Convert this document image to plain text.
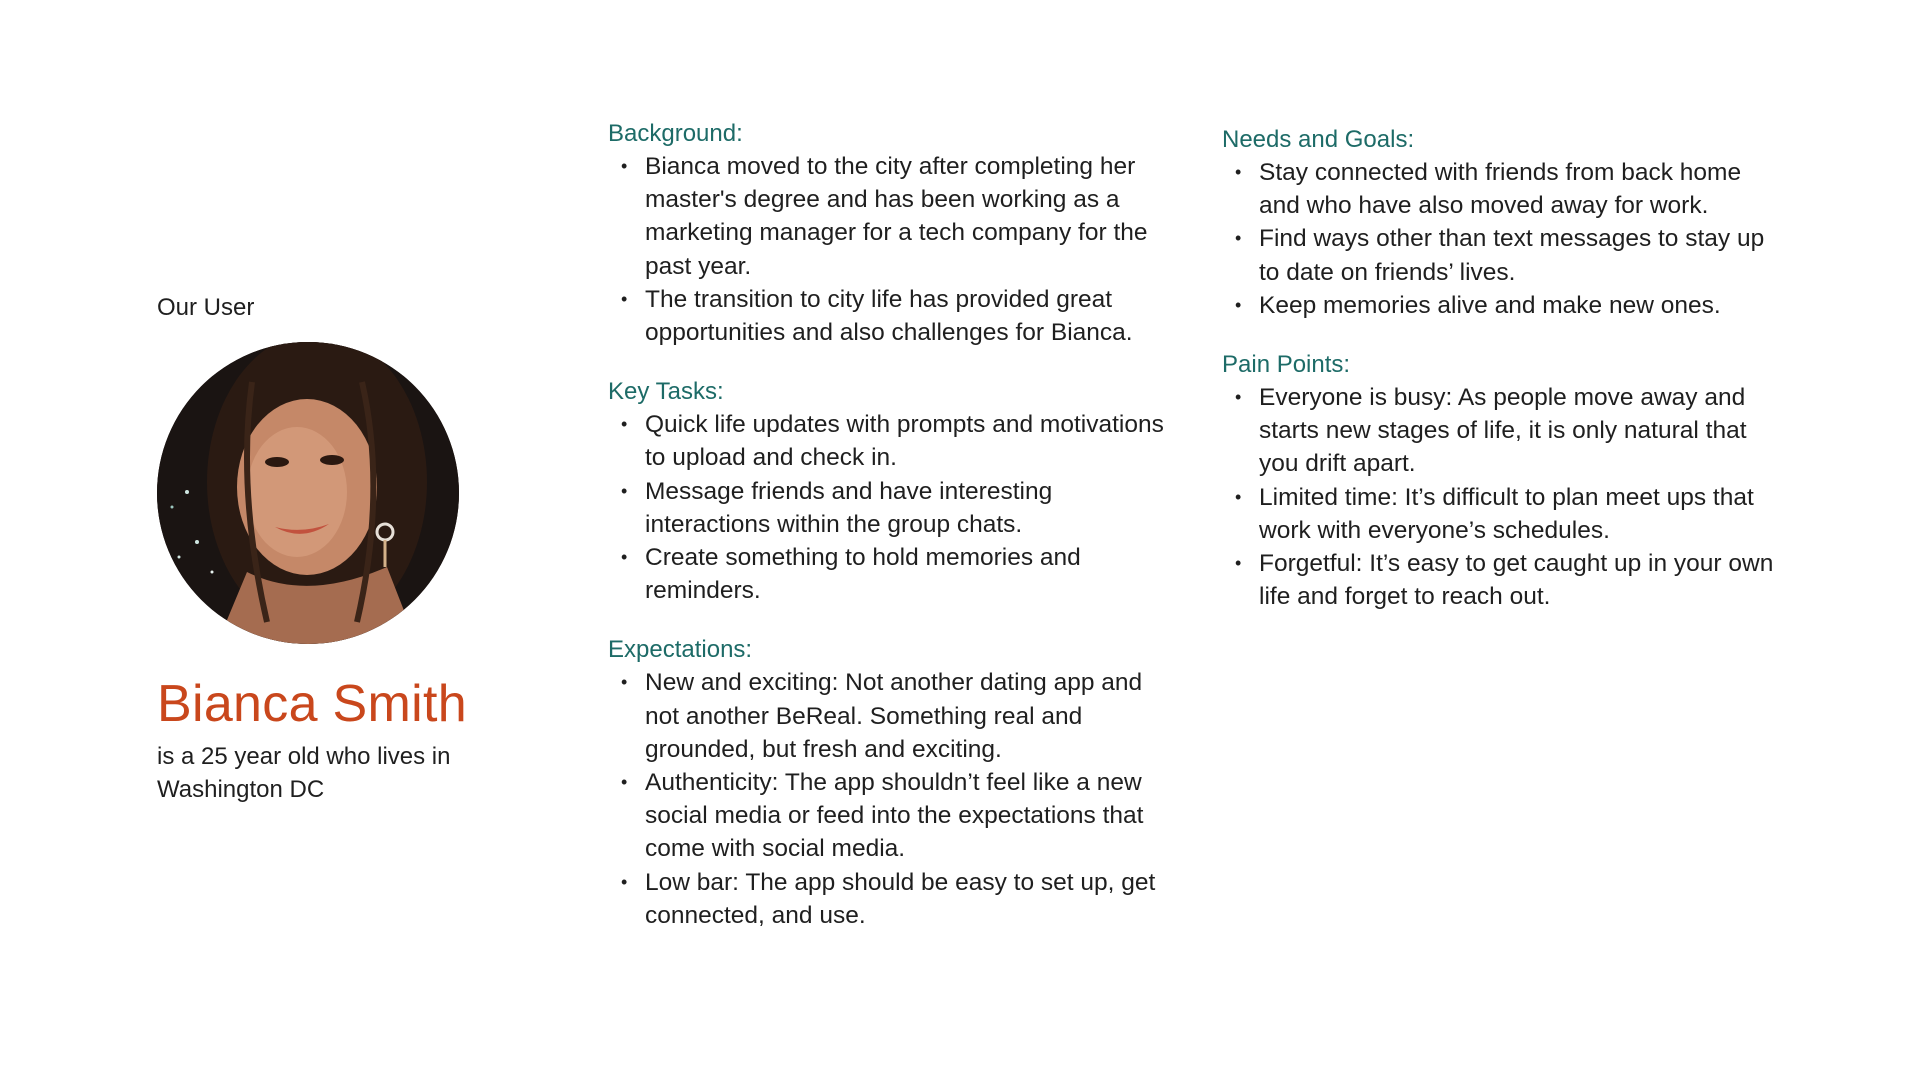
Our User
Bianca Smith
is a 25 year old who lives in Washington DC
Background:
• Bianca moved to the city after completing her master's degree and has been working as a marketing manager for a tech company for the past year.
• The transition to city life has provided great opportunities and also challenges for Bianca.
Key Tasks:
• Quick life updates with prompts and motivations to upload and check in.
• Message friends and have interesting interactions within the group chats.
• Create something to hold memories and reminders.
Expectations:
• New and exciting: Not another dating app and not another BeReal. Something real and grounded, but fresh and exciting.
• Authenticity: The app shouldn’t feel like a new social media or feed into the expectations that come with social media.
• Low bar: The app should be easy to set up, get connected, and use.
Needs and Goals:
• Stay connected with friends from back home and who have also moved away for work.
• Find ways other than text messages to stay up to date on friends’ lives.
• Keep memories alive and make new ones.
Pain Points:
• Everyone is busy: As people move away and starts new stages of life, it is only natural that you drift apart.
• Limited time: It’s difficult to plan meet ups that work with everyone’s schedules.
• Forgetful: It’s easy to get caught up in your own life and forget to reach out.
